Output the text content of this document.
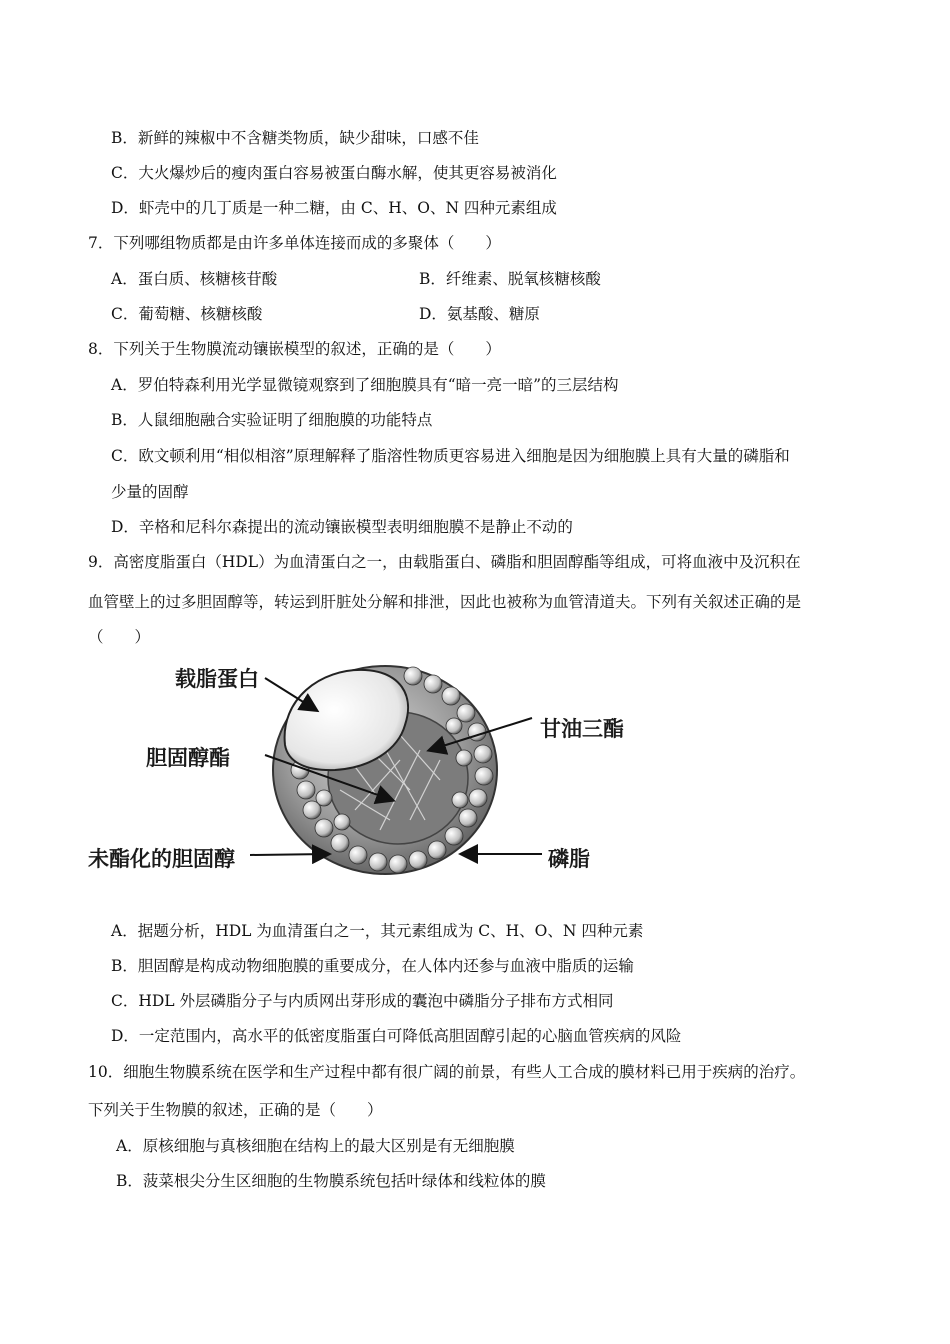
B．新鲜的辣椒中不含糖类物质，缺少甜味，口感不佳
C．大火爆炒后的瘦肉蛋白容易被蛋白酶水解，使其更容易被消化
D．虾壳中的几丁质是一种二糖，由 C、H、O、N 四种元素组成
7．下列哪组物质都是由许多单体连接而成的多聚体（　　）
A．蛋白质、核糖核苷酸	B．纤维素、脱氧核糖核酸
C．葡萄糖、核糖核酸	D．氨基酸、糖原
8．下列关于生物膜流动镶嵌模型的叙述，正确的是（　　）
A．罗伯特森利用光学显微镜观察到了细胞膜具有“暗一亮一暗”的三层结构
B．人鼠细胞融合实验证明了细胞膜的功能特点
C．欧文顿利用“相似相溶”原理解释了脂溶性物质更容易进入细胞是因为细胞膜上具有大量的磷脂和
少量的固醇
D．辛格和尼科尔森提出的流动镶嵌模型表明细胞膜不是静止不动的
9．高密度脂蛋白（HDL）为血清蛋白之一，由载脂蛋白、磷脂和胆固醇酯等组成，可将血液中及沉积在
血管壁上的过多胆固醇等，转运到肝脏处分解和排泄，因此也被称为血管清道夫。下列有关叙述正确的是
（　　）
载脂蛋白
甘油三酯
胆固醇酯
未酯化的胆固醇	磷脂
A．据题分析，HDL 为血清蛋白之一，其元素组成为 C、H、O、N 四种元素
B．胆固醇是构成动物细胞膜的重要成分，在人体内还参与血液中脂质的运输
C．HDL 外层磷脂分子与内质网出芽形成的囊泡中磷脂分子排布方式相同
D．一定范围内，高水平的低密度脂蛋白可降低高胆固醇引起的心脑血管疾病的风险
10．细胞生物膜系统在医学和生产过程中都有很广阔的前景，有些人工合成的膜材料已用于疾病的治疗。
下列关于生物膜的叙述，正确的是（　　）
A．原核细胞与真核细胞在结构上的最大区别是有无细胞膜
B．菠菜根尖分生区细胞的生物膜系统包括叶绿体和线粒体的膜
